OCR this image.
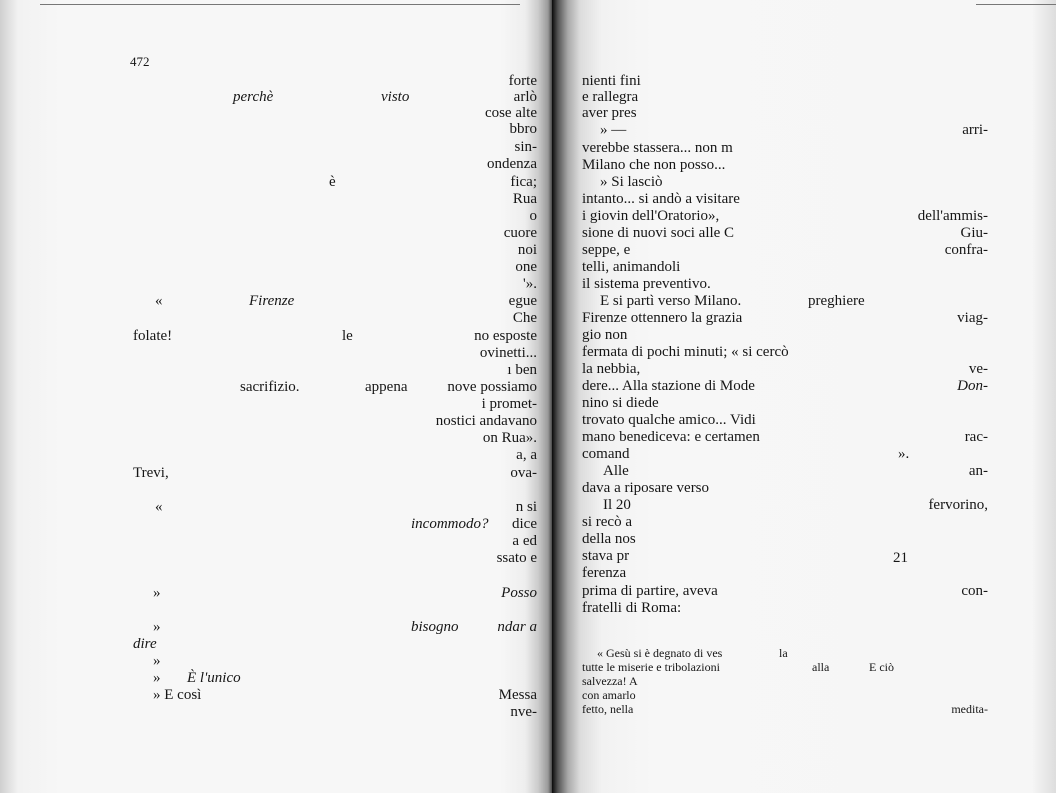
472
forte
perchè	visto	arlò
cose alte
bbro
sin-
ondenza
è	fica;
Rua
o
cuore
noi
one
'».
«	Firenze	egue
Che
folate!	le	no esposte
ovinetti...
ı ben
sacrifizio.	appena	nove possiamo
i promet-
nostici andavano
on Rua».
a, a
Trevi,	ova-
«	n si
incommodo? dice
a ed
ssato e
»	Posso
»	bisogno	ndar a
dire
»
» È l'unico
» E così	Messa
nve-
nienti fini
e rallegra
aver pres
» —	arri-
verebbe stassera... non m
Milano che non posso...
» Si lasciò
intanto... si andò a visitare
i giovin dell'Oratorio»,	dell'ammis-
sione di nuovi soci alle C	Giu-
seppe, e	confra-
telli, animandoli
il sistema preventivo.
E si partì verso Milano.	preghiere
Firenze ottennero la grazia	viag-
gio non
fermata di pochi minuti; « si cercò
la nebbia,	ve-
dere... Alla stazione di Mode	Don-
nino si diede
trovato qualche amico... Vidi
mano benediceva: e certamen	rac-
comand	».
Alle	an-
dava a riposare verso
Il 20	fervorino,
si recò a
della nos
stava pr	21
ferenza
prima di partire, aveva	con-
fratelli di Roma:
« Gesù si è degnato di ves	la
tutte le miserie e tribolazioni	alla	E ciò
salvezza! A
con amarlo
fetto, nella	medita-
